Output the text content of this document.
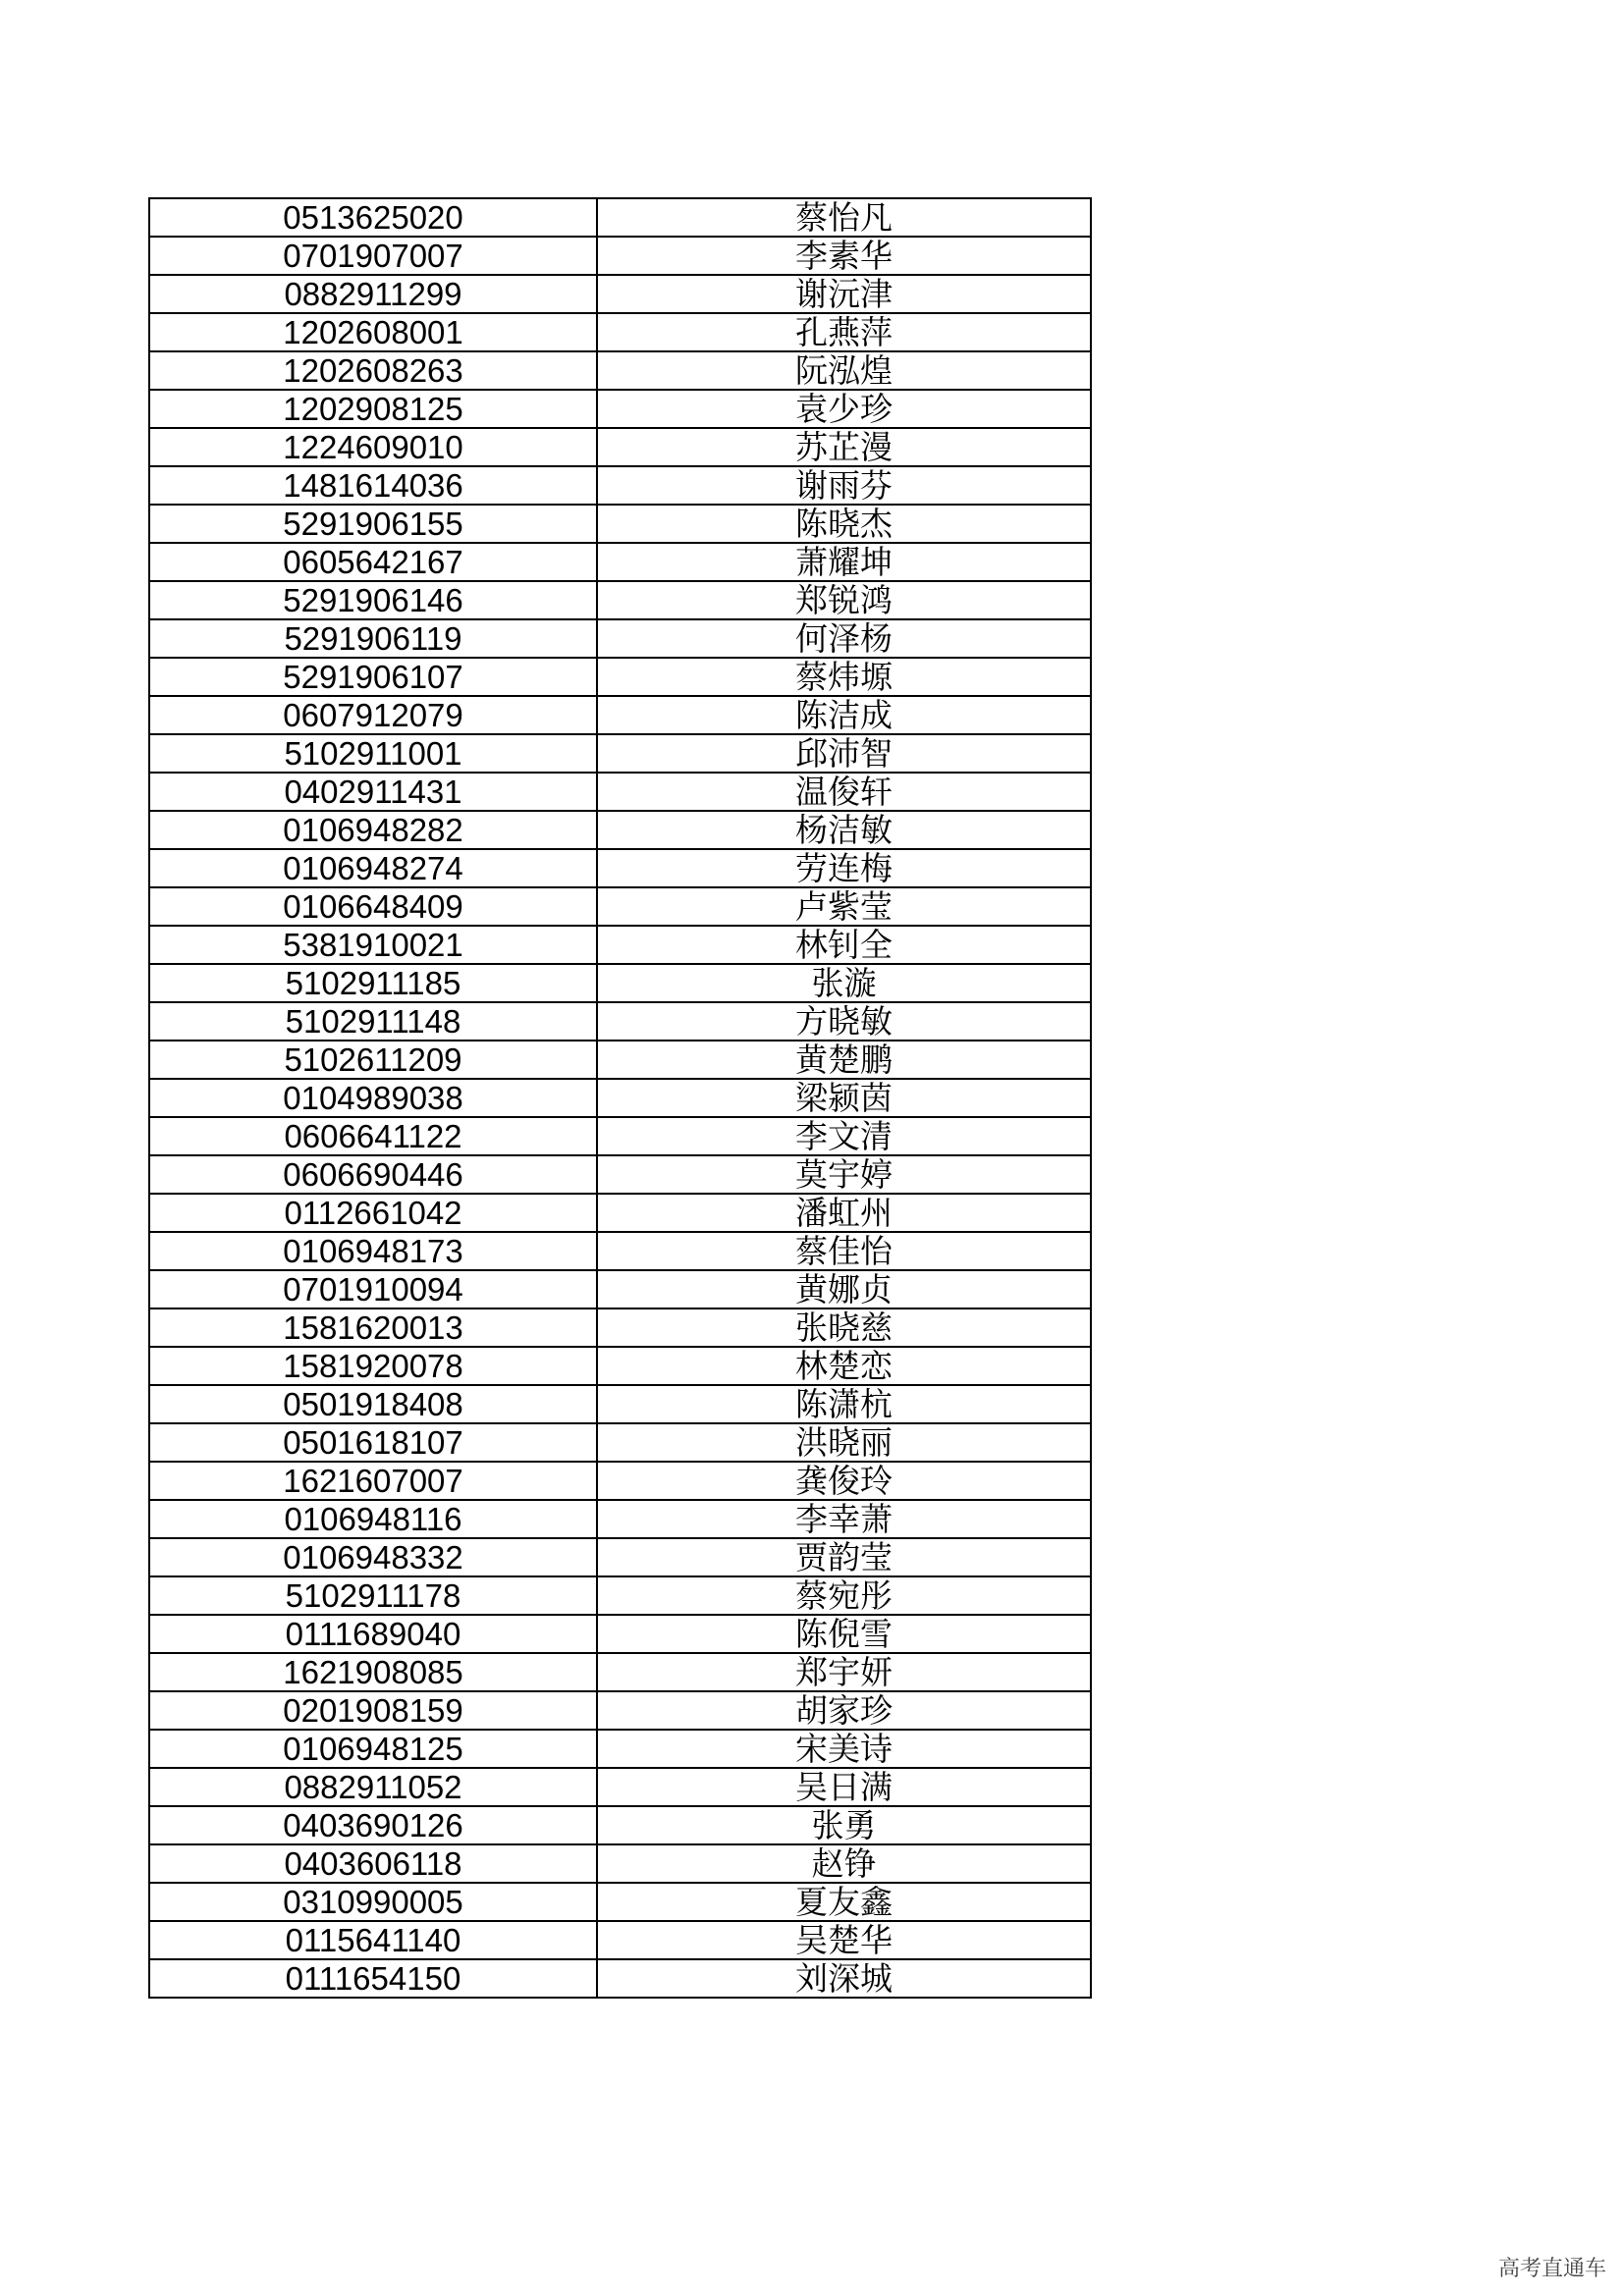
0513625020	蔡怡凡
0701907007	李素华
0882911299	谢沅津
1202608001	孔燕萍
1202608263	阮泓煌
1202908125	袁少珍
1224609010	苏芷漫
1481614036	谢雨芬
5291906155	陈晓杰
0605642167	萧耀坤
5291906146	郑锐鸿
5291906119	何泽杨
5291906107	蔡炜塬
0607912079	陈洁成
5102911001	邱沛智
0402911431	温俊轩
0106948282	杨洁敏
0106948274	劳连梅
0106648409	卢紫莹
5381910021	林钊全
5102911185	张漩
5102911148	方晓敏
5102611209	黄楚鹏
0104989038	梁颍茵
0606641122	李文清
0606690446	莫宇婷
0112661042	潘虹州
0106948173	蔡佳怡
0701910094	黄娜贞
1581620013	张晓慈
1581920078	林楚恋
0501918408	陈潇杭
0501618107	洪晓丽
1621607007	龚俊玲
0106948116	李幸萧
0106948332	贾韵莹
5102911178	蔡宛彤
0111689040	陈倪雪
1621908085	郑宇妍
0201908159	胡家珍
0106948125	宋美诗
0882911052	吴日满
0403690126	张勇
0403606118	赵铮
0310990005	夏友鑫
0115641140	吴楚华
0111654150	刘深城
高考直通车
